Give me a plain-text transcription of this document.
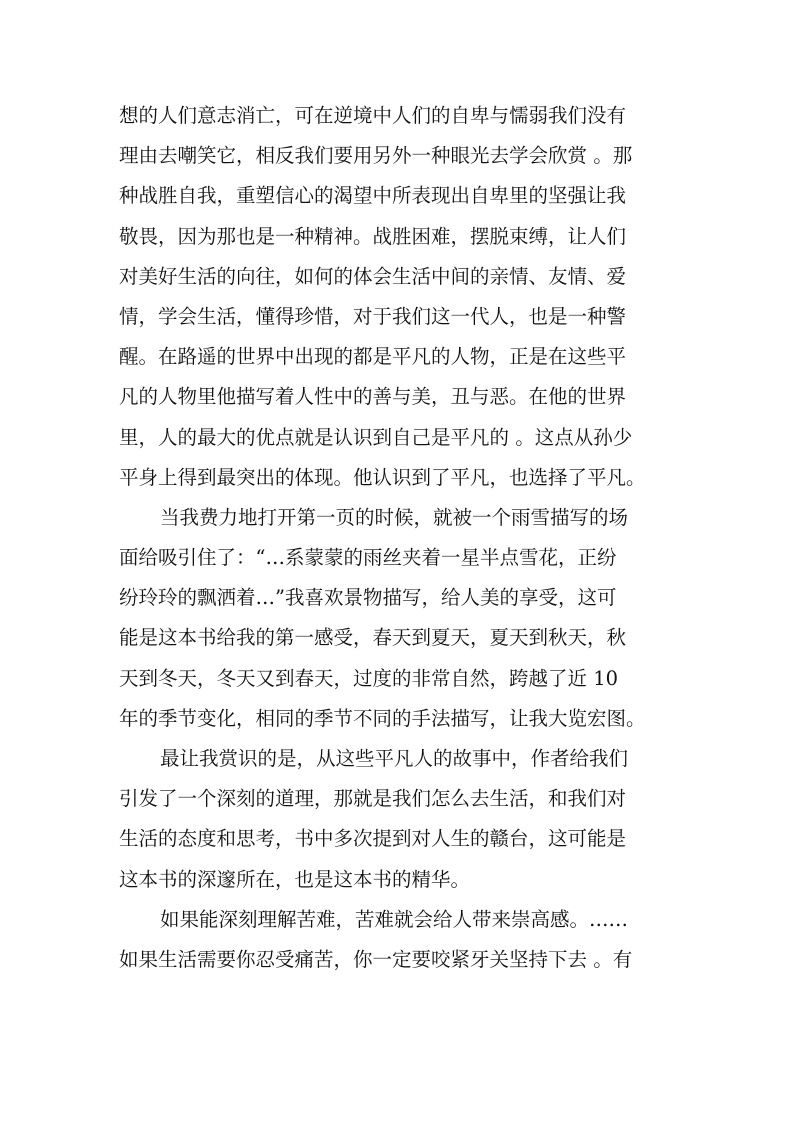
想的人们意志消亡，可在逆境中人们的自卑与懦弱我们没有
理由去嘲笑它，相反我们要用另外一种眼光去学会欣赏 。那
种战胜自我，重塑信心的渴望中所表现出自卑里的坚强让我
敬畏，因为那也是一种精神。战胜困难，摆脱束缚，让人们
对美好生活的向往，如何的体会生活中间的亲情、友情、爱
情，学会生活，懂得珍惜，对于我们这一代人，也是一种警
醒。在路遥的世界中出现的都是平凡的人物，正是在这些平
凡的人物里他描写着人性中的善与美，丑与恶。在他的世界
里，人的最大的优点就是认识到自己是平凡的 。这点从孙少
平身上得到最突出的体现。他认识到了平凡，也选择了平凡。
当我费力地打开第一页的时候，就被一个雨雪描写的场
面给吸引住了：“…系蒙蒙的雨丝夹着一星半点雪花，正纷
纷玲玲的飘洒着…”我喜欢景物描写，给人美的享受，这可
能是这本书给我的第一感受，春天到夏天，夏天到秋天，秋
天到冬天，冬天又到春天，过度的非常自然，跨越了近 10
年的季节变化，相同的季节不同的手法描写，让我大览宏图。
最让我赏识的是，从这些平凡人的故事中，作者给我们
引发了一个深刻的道理，那就是我们怎么去生活，和我们对
生活的态度和思考，书中多次提到对人生的赣台，这可能是
这本书的深邃所在，也是这本书的精华。
如果能深刻理解苦难，苦难就会给人带来崇高感。……
如果生活需要你忍受痛苦，你一定要咬紧牙关坚持下去 。有
